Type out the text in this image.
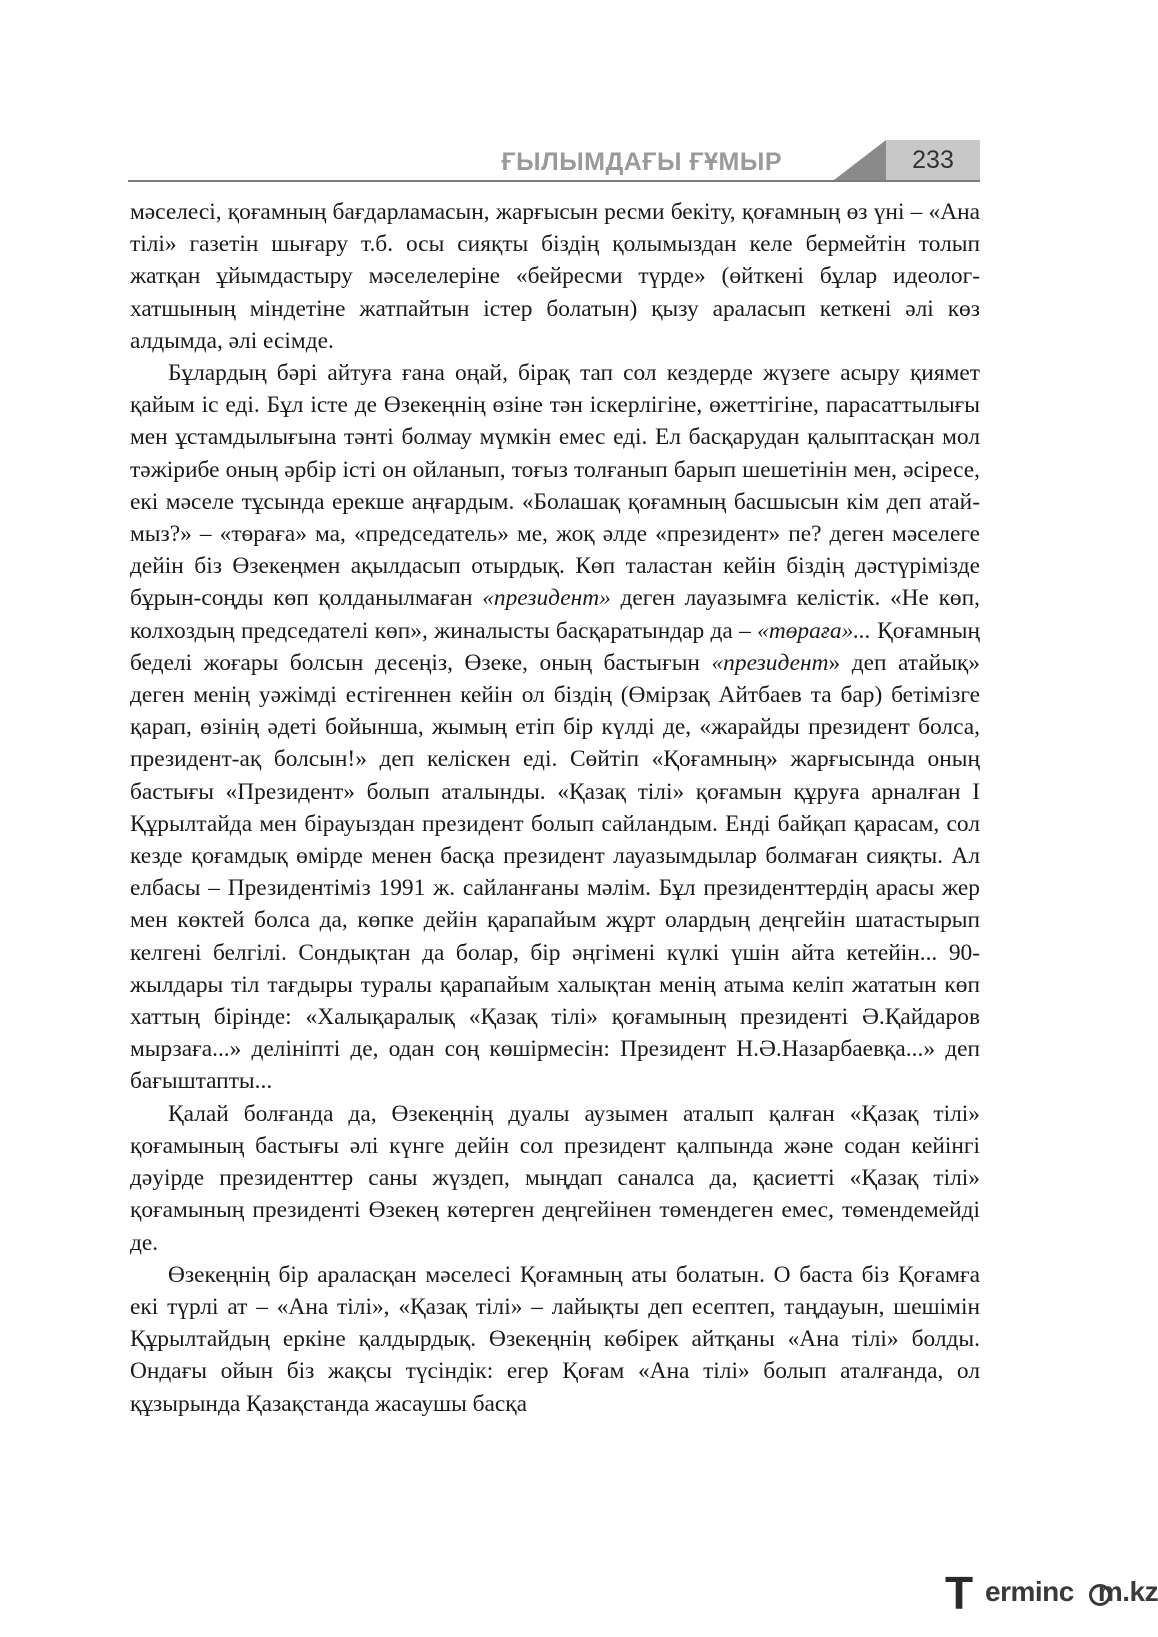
ҒЫЛЫМДАҒЫ ҒҰМЫР	233

мәселесі, қоғамның бағдарламасын, жарғысын ресми бекіту, қоғамның өз үні – «Ана тілі» газетін шығару т.б. осы сияқты біздің қолымыздан келе бермейтін толып жатқан ұйымдастыру мәселелеріне «бейресми түрде» (өйткені бұлар идеолог-хатшының міндетіне жатпайтын істер болатын) қызу араласып кеткені әлі көз алдымда, әлі есімде.

Бұлардың бәрі айтуға ғана оңай, бірақ тап сол кездерде жүзеге асыру қиямет қайым іс еді. Бұл істе де Өзекеңнің өзіне тән іскерлігіне, өжеттігіне, парасаттылығы мен ұстамдылығына тәнті болмау мүмкін емес еді. Ел басқарудан қалыптасқан мол тәжірибе оның әрбір істі он ойланып, тоғыз толғанып барып шешетінін мен, әсіресе, екі мәселе тұсында ерекше аңғардым. «Болашақ қоғамның басшысын кім деп атаймыз?» – «төраға» ма, «председатель» ме, жоқ әлде «президент» пе? деген мәселеге дейін біз Өзекеңмен ақылдасып отырдық. Көп таластан кейін біздің дәстүрімізде бұрын-соңды көп қолданылмаған «президент» деген лауазымға келістік. «Не көп, колхоздың председателі көп», жиналысты басқаратындар да – «төраға»... Қоғамның беделі жоғары болсын десеңіз, Өзеке, оның бастығын «президент» деп атайық» деген менің уәжімді естігеннен кейін ол біздің (Өмірзақ Айтбаев та бар) бетімізге қарап, өзінің әдеті бойынша, жымың етіп бір күлді де, «жарайды президент болса, президент-ақ болсын!» деп келіскен еді. Сөйтіп «Қоғамның» жарғысында оның бастығы «Президент» болып аталынды. «Қазақ тілі» қоғамын құруға арналған І Құрылтайда мен бірауыздан президент болып сайландым. Енді байқап қарасам, сол кезде қоғамдық өмірде менен басқа президент лауазымдылар болмаған сияқты. Ал елбасы – Президентіміз 1991 ж. сайланғаны мәлім. Бұл президенттердің арасы жер мен көктей болса да, көпке дейін қарапайым жұрт олардың деңгейін шатастырып келгені белгілі. Сондықтан да болар, бір әңгімені күлкі үшін айта кетейін... 90-жылдары тіл тағдыры туралы қарапайым халықтан менің атыма келіп жататын көп хаттың бірінде: «Халықаралық «Қазақ тілі» қоғамының президенті Ә.Қайдаров мырзаға...» делініпті де, одан соң көшірмесін: Президент Н.Ә.Назарбаевқа...» деп бағыштапты...

Қалай болғанда да, Өзекеңнің дуалы аузымен аталып қалған «Қазақ тілі» қоғамының бастығы әлі күнге дейін сол президент қалпында және содан кейінгі дәуірде президенттер саны жүздеп, мыңдап саналса да, қасиетті «Қазақ тілі» қоғамының президенті Өзекең көтерген деңгейінен төмендеген емес, төмендемейді де.

Өзекеңнің бір араласқан мәселесі Қоғамның аты болатын. О баста біз Қоғамға екі түрлі ат – «Ана тілі», «Қазақ тілі» – лайықты деп есептеп, таңдауын, шешімін Құрылтайдың еркіне қалдырдық. Өзекеңнің көбірек айтқаны «Ана тілі» болды. Ондағы ойын біз жақсы түсіндік: егер Қоғам «Ана тілі» болып аталғанда, ол құзырында Қазақстанда жасаушы басқа

T erminc m.kz
